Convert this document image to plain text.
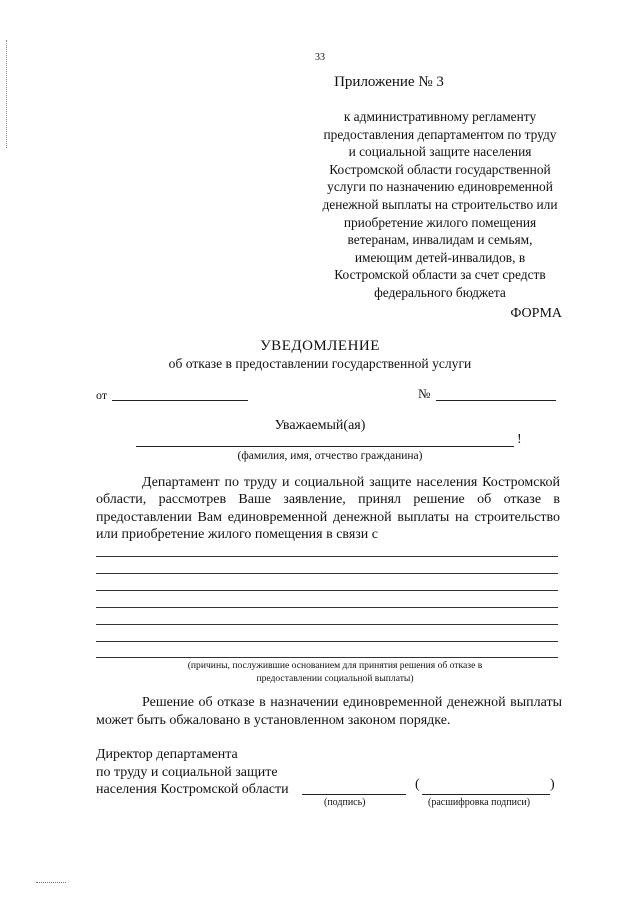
33
Приложение № 3
к административному регламенту
предоставления департаментом по труду
и социальной защите населения
Костромской области государственной
услуги по назначению единовременной
денежной выплаты на строительство или
приобретение жилого помещения
ветеранам, инвалидам и семьям,
имеющим детей-инвалидов, в
Костромской области за счет средств
федерального бюджета
ФОРМА
УВЕДОМЛЕНИЕ
об отказе в предоставлении государственной услуги
от	№
Уважаемый(ая)
!
(фамилия, имя, отчество гражданина)
Департамент по труду и социальной защите населения Костромской области, рассмотрев Ваше заявление, принял решение об отказе в предоставлении Вам единовременной денежной выплаты на строительство или приобретение жилого помещения в связи с
(причины, послужившие основанием для принятия решения об отказе в
предоставлении социальной выплаты)
Решение об отказе в назначении единовременной денежной выплаты может быть обжаловано в установленном законом порядке.
Директор департамента
по труду и социальной защите
населения Костромской области	(	)
(подпись)	(расшифровка подписи)
